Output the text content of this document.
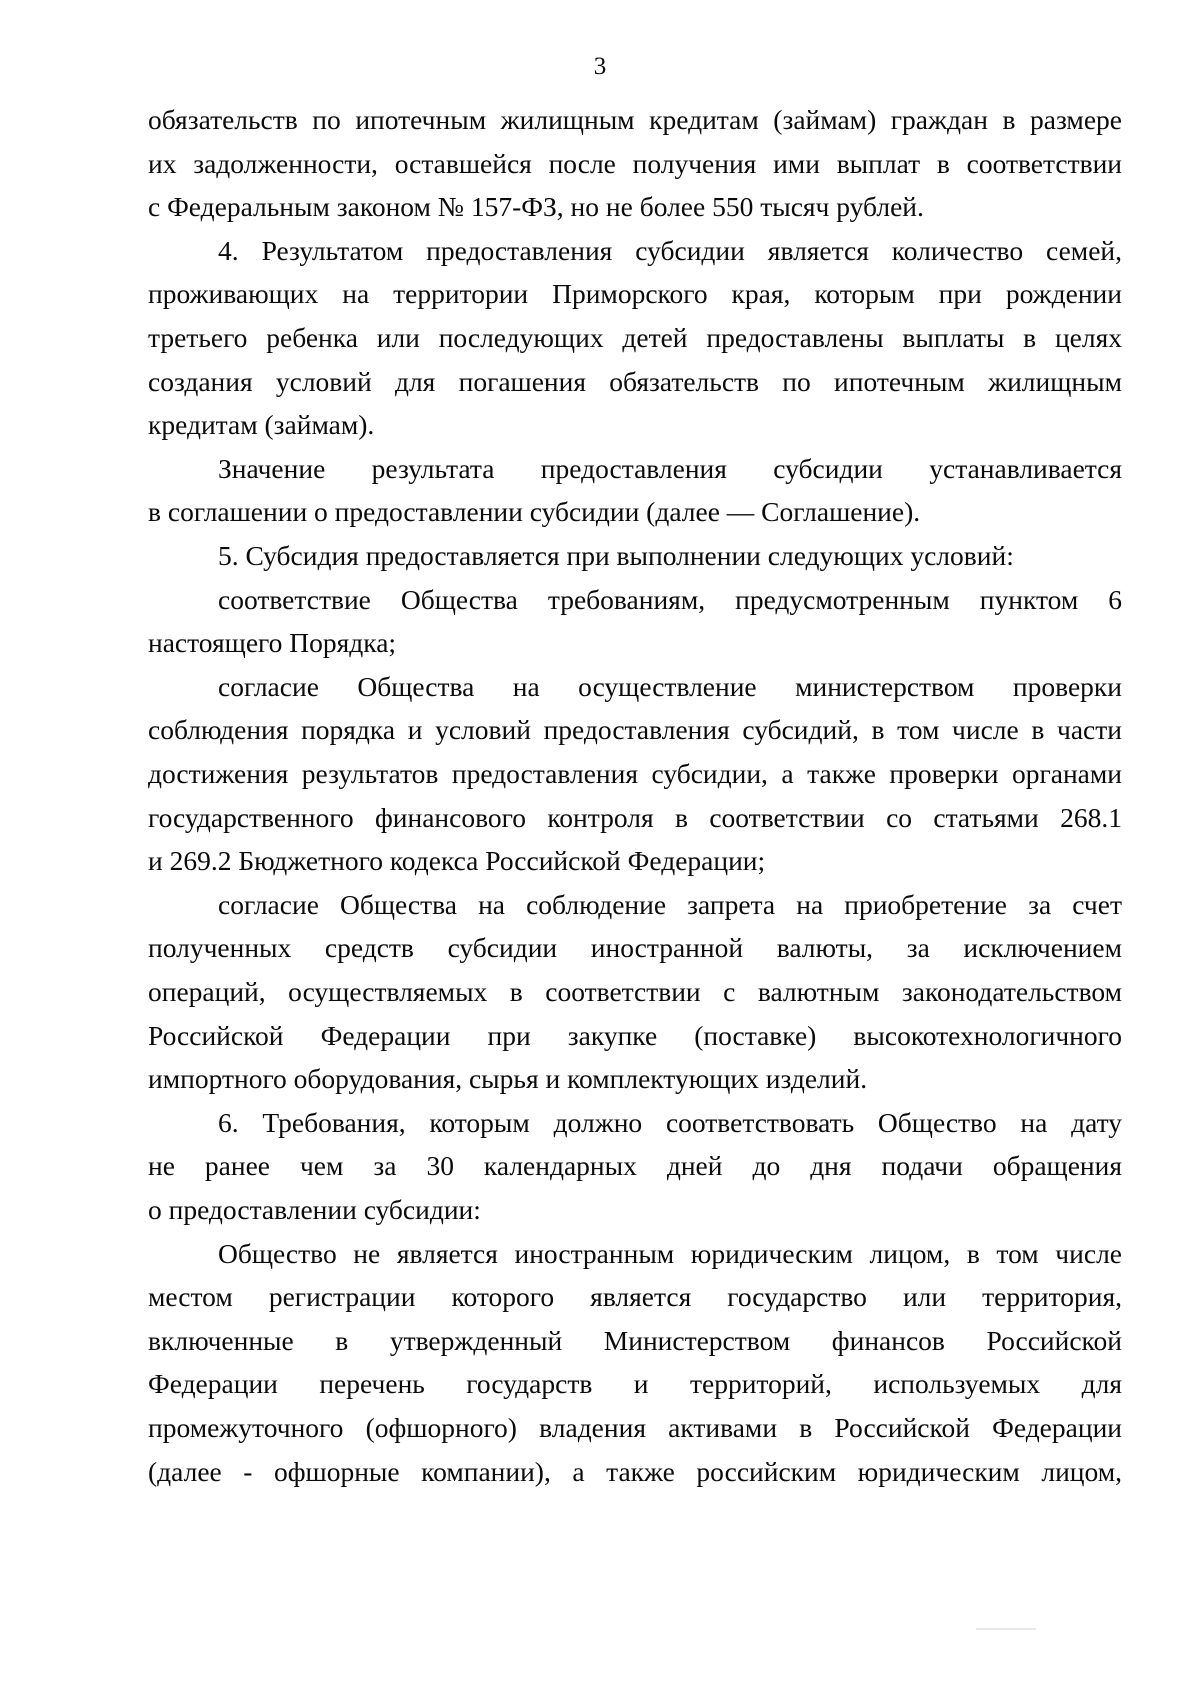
3
обязательств по ипотечным жилищным кредитам (займам) граждан в размере
их задолженности, оставшейся после получения ими выплат в соответствии
с Федеральным законом № 157-ФЗ, но не более 550 тысяч рублей.
4. Результатом предоставления субсидии является количество семей,
проживающих на территории Приморского края, которым при рождении
третьего ребенка или последующих детей предоставлены выплаты в целях
создания условий для погашения обязательств по ипотечным жилищным
кредитам (займам).
Значение результата предоставления субсидии устанавливается
в соглашении о предоставлении субсидии (далее — Соглашение).
5. Субсидия предоставляется при выполнении следующих условий:
соответствие Общества требованиям, предусмотренным пунктом 6
настоящего Порядка;
согласие Общества на осуществление министерством проверки
соблюдения порядка и условий предоставления субсидий, в том числе в части
достижения результатов предоставления субсидии, а также проверки органами
государственного финансового контроля в соответствии со статьями 268.1
и 269.2 Бюджетного кодекса Российской Федерации;
согласие Общества на соблюдение запрета на приобретение за счет
полученных средств субсидии иностранной валюты, за исключением
операций, осуществляемых в соответствии с валютным законодательством
Российской Федерации при закупке (поставке) высокотехнологичного
импортного оборудования, сырья и комплектующих изделий.
6. Требования, которым должно соответствовать Общество на дату
не ранее чем за 30 календарных дней до дня подачи обращения
о предоставлении субсидии:
Общество не является иностранным юридическим лицом, в том числе
местом регистрации которого является государство или территория,
включенные в утвержденный Министерством финансов Российской
Федерации перечень государств и территорий, используемых для
промежуточного (офшорного) владения активами в Российской Федерации
(далее - офшорные компании), а также российским юридическим лицом,
